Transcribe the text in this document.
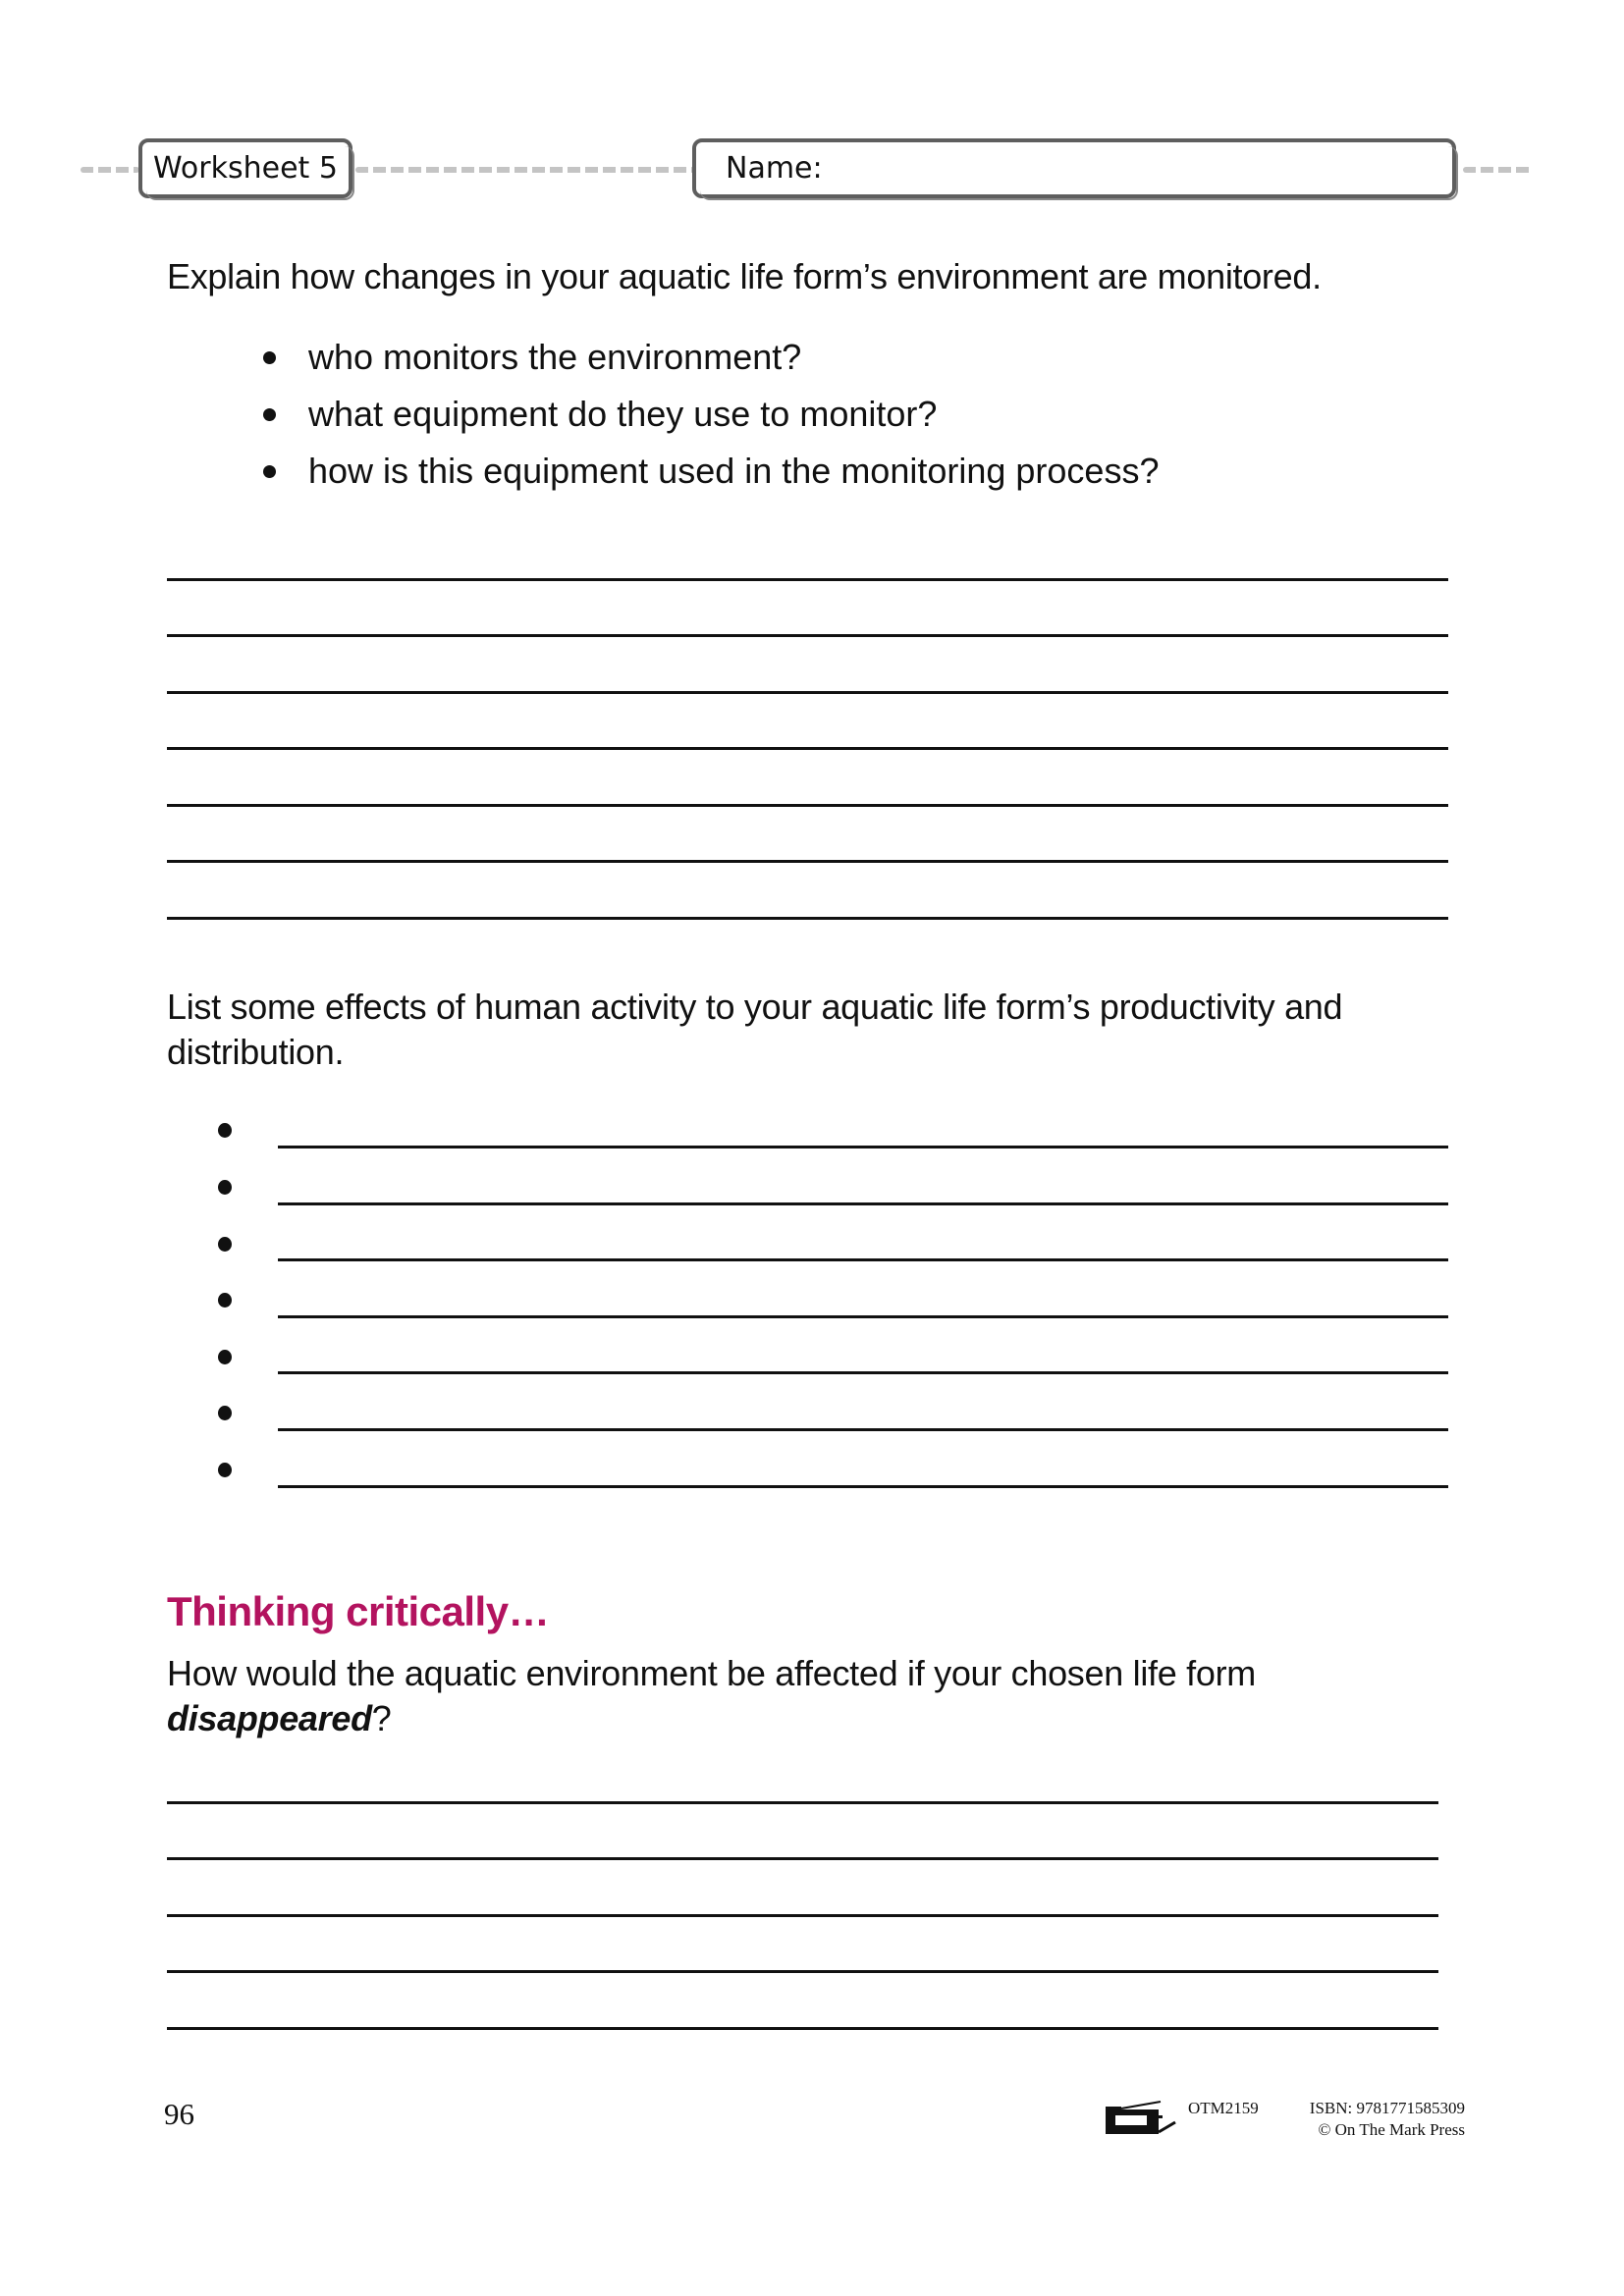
Worksheet 5	Name:
Explain how changes in your aquatic life form’s environment are monitored.
who monitors the environment?
what equipment do they use to monitor?
how is this equipment used in the monitoring process?
List some effects of human activity to your aquatic life form’s productivity and
distribution.
Thinking critically…
How would the aquatic environment be affected if your chosen life form
disappeared?
96	OTM2159	ISBN: 9781771585309
© On The Mark Press
